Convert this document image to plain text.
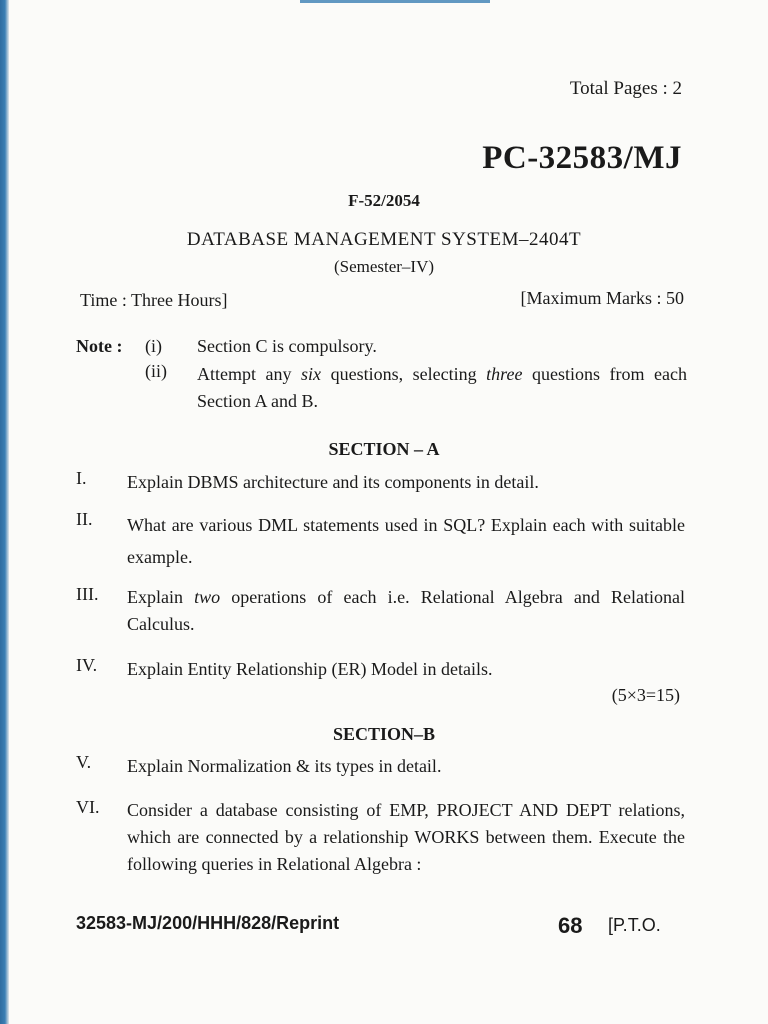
Total Pages : 2
PC-32583/MJ
F-52/2054
DATABASE MANAGEMENT SYSTEM–2404T
(Semester–IV)
Time : Three Hours]	[Maximum Marks : 50
Note : (i) Section C is compulsory.
(ii) Attempt any six questions, selecting three questions from each Section A and B.
SECTION – A
I. Explain DBMS architecture and its components in detail.
II. What are various DML statements used in SQL? Explain each with suitable example.
III. Explain two operations of each i.e. Relational Algebra and Relational Calculus.
IV. Explain Entity Relationship (ER) Model in details.
(5×3=15)
SECTION–B
V. Explain Normalization & its types in detail.
VI. Consider a database consisting of EMP, PROJECT AND DEPT relations, which are connected by a relationship WORKS between them. Execute the following queries in Relational Algebra :
32583-MJ/200/HHH/828/Reprint	68 [P.T.O.
